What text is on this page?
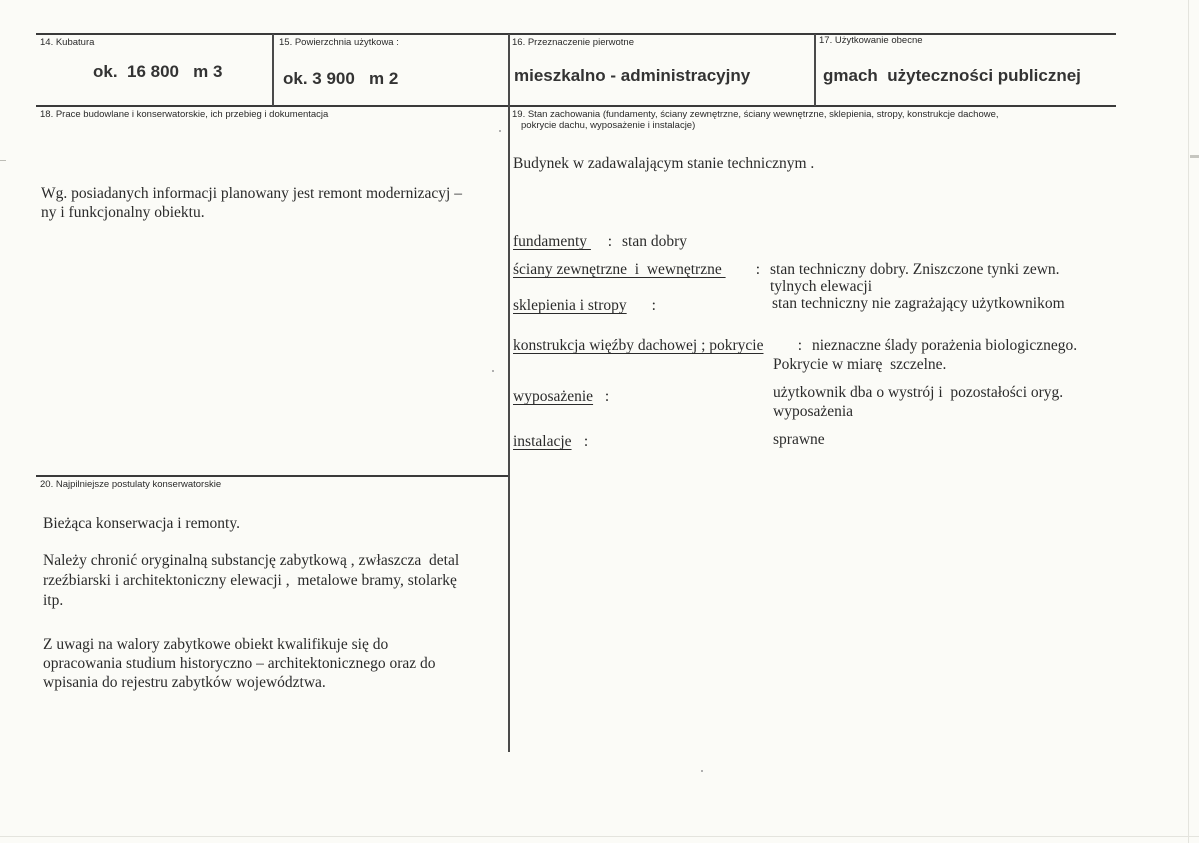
14. Kubatura
ok.  16 800   m 3
15. Powierzchnia użytkowa :
ok. 3 900   m 2
16. Przeznaczenie pierwotne
mieszkalno - administracyjny
17. Użytkowanie obecne
gmach  użyteczności publicznej
18. Prace budowlane i konserwatorskie, ich przebieg i dokumentacja
Wg. posiadanych informacji planowany jest remont modernizacyj –
ny i funkcjonalny obiektu.
19. Stan zachowania (fundamenty, ściany zewnętrzne, ściany wewnętrzne, sklepienia, stropy, konstrukcje dachowe,
pokrycie dachu, wyposażenie i instalacje)
Budynek w zadawalającym stanie technicznym .
fundamenty : stan dobry
ściany zewnętrzne  i  wewnętrzne : stan techniczny dobry. Zniszczone tynki zewn.
tylnych elewacji
sklepienia i stropy :	stan techniczny nie zagrażający użytkownikom
konstrukcja więźby dachowej ; pokrycie : nieznaczne ślady porażenia biologicznego.
Pokrycie w miarę  szczelne.
wyposażenie :	użytkownik dba o wystrój i  pozostałości oryg.
wyposażenia
instalacje :	sprawne
20. Najpilniejsze postulaty konserwatorskie
Bieżąca konserwacja i remonty.
Należy chronić oryginalną substancję zabytkową , zwłaszcza  detal
rzeźbiarski i architektoniczny elewacji ,  metalowe bramy, stolarkę
itp.
Z uwagi na walory zabytkowe obiekt kwalifikuje się do
opracowania studium historyczno – architektonicznego oraz do
wpisania do rejestru zabytków województwa.
